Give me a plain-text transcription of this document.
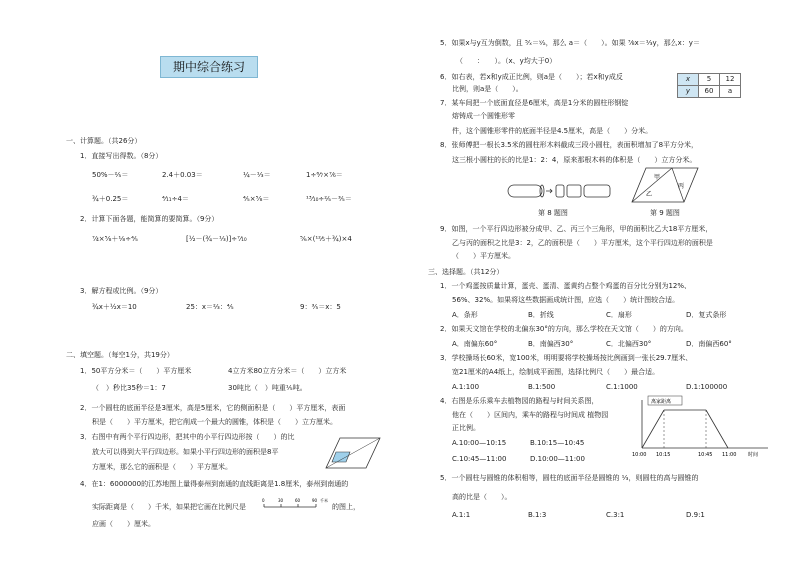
期中综合练习
一、计算题。（共26分）
1．直接写出得数。（8分）
50%－⅖＝	2.4＋0.03＝	¼－⅓＝	1÷⁶⁄₇×⁷⁄₆＝
¾＋0.25＝	⁴⁄₁₁÷4＝	⅘×⅝＝	¹³⁄₁₀÷⅖－⅗＝
2．计算下面各题，能简算的要简算。（9分）
⁷⁄₄×⅝＋⅛÷⅘	[½－(¾－⅓)]÷⁷⁄₁₀	⅚×(¹²⁄₅＋¾)×4
3．解方程或比例。（9分）
¾x＋½x＝10	25：x＝⅔：⅘	9：⅗＝x：5
二、填空题。（每空1分，共19分）
1．50平方分米＝（　　）平方厘米	4立方米80立方分米＝（　　）立方米
（　）秒比35秒＝1：7	30吨比（　）吨重⅕吨。
2．一个圆柱的底面半径是3厘米，高是5厘米，它的侧面积是（　　）平方厘米，表面
积是（　　）平方厘米，把它削成一个最大的圆锥，体积是（　　）立方厘米。
3．右图中有两个平行四边形，把其中的小平行四边形按（　　）的比
放大可以得到大平行四边形。如果小平行四边形的面积是8平
方厘米，那么它的面积是（　　）平方厘米。
4．在1：6000000的江苏地图上量得泰州到南通的直线距离是1.8厘米，泰州到南通的
实际距离是（　　）千米，如果把它画在比例尺是
0	30	60	90 千米
的图上，
应画（　　）厘米。
5．如果x与y互为倒数，且 ⁵⁄ₓ＝ʸ⁄ₐ，那么 a＝（　　）。如果 ⁷⁄₈x＝⅓y，那么x：y＝
（　　：　　）。（x、y均大于0）
6．如右表，若x和y成正比例，则a是（　　）；若x和y成反
比例，则a是（　　）。
x	5	12
y	60	a
7．某车间把一个底面直径是6厘米，高是1分米的圆柱形钢锭
熔铸成一个圆锥形零
件，这个圆锥形零件的底面半径是4.5厘米，高是（　　）分米。
8．张师傅把一根长3.5米的圆柱形木料截成三段小圆柱，表面积增加了8平方分米，
这三根小圆柱的长的比是1：2：4，原来那根木料的体积是（　　）立方分米。
第 8 题图
甲
乙
丙
第 9 题图
9．如图，一个平行四边形被分成甲、乙、丙三个三角形，甲的面积比乙大18平方厘米，
乙与丙的面积之比是3：2，乙的面积是（　　）平方厘米，这个平行四边形的面积是
（　　）平方厘米。
三、选择题。（共12分）
1．一个鸡蛋按质量计算，蛋壳、蛋清、蛋黄约占整个鸡蛋的百分比分别为12%、
56%、32%。如果将这些数据画成统计图，应选（　　）统计图较合适。
A．条形	B．折线	C．扇形	D．复式条形
2．如果天文馆在学校的北偏东30°的方向，那么学校在天文馆（　　）的方向。
A．南偏东60°	B．南偏西30°	C．北偏西30°	D．南偏西60°
3．学校操场长60米，宽100米，明明要将学校操场按比例画到一张长29.7厘米、
宽21厘米的A4纸上，绘制成平面图，选择比例尺（　　）最合适。
A.1:100	B.1:500	C.1:1000	D.1:100000
4．右图是乐乐乘车去植物园的路程与时间关系图，
他在（　　）区间内，乘车的路程与时间成 植物园
正比例。
A.10:00—10:15	B.10:15—10:45
C.10:45—11:00	D.10:00—11:00
离家距离
10:00 10:15	10:45 11:00 时间
5．一个圆柱与圆锥的体积相等，圆柱的底面半径是圆锥的 ⅓，则圆柱的高与圆锥的
高的比是（　　）。
A.1:1	B.1:3	C.3:1	D.9:1
